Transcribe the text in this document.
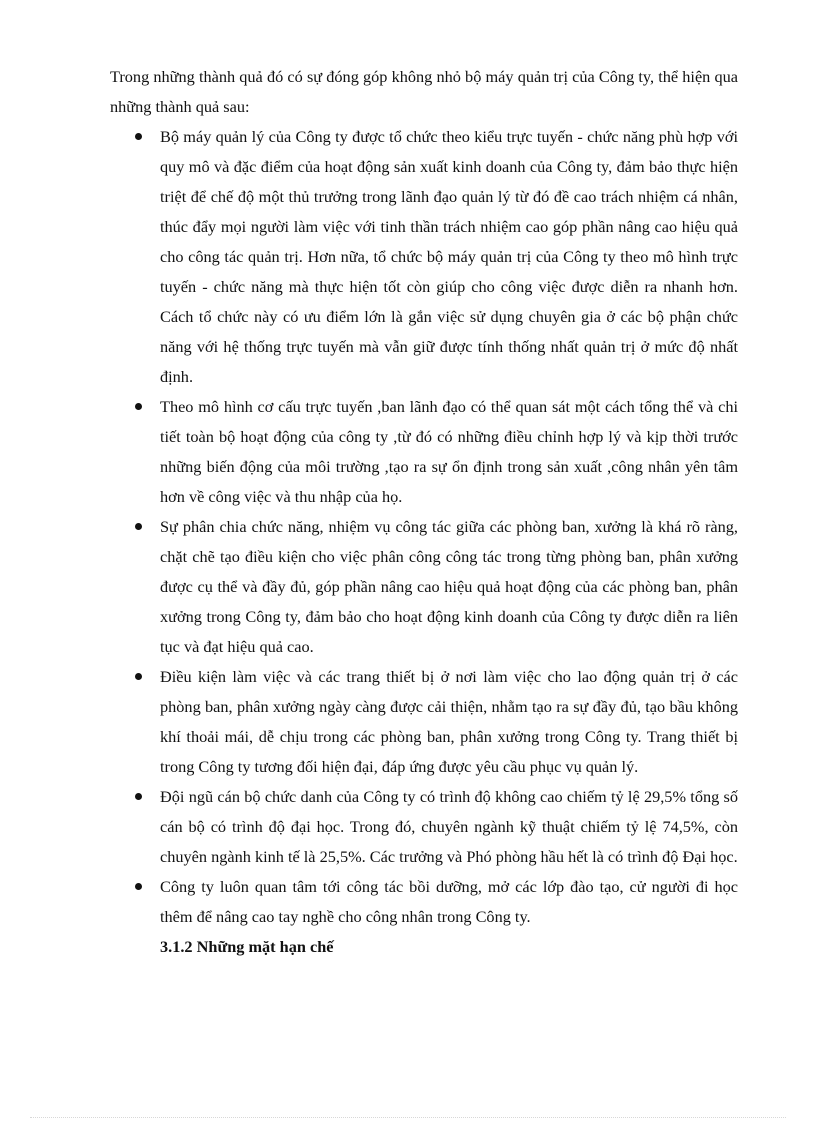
Trong những thành quả đó có sự đóng góp không nhỏ bộ máy quản trị của Công ty, thể hiện qua những thành quả sau:

Bộ máy quản lý của Công ty được tổ chức theo kiểu trực tuyến - chức năng phù hợp với quy mô và đặc điểm của hoạt động sản xuất kinh doanh của Công ty, đảm bảo thực hiện triệt để chế độ một thủ trưởng trong lãnh đạo quản lý từ đó đề cao trách nhiệm cá nhân, thúc đẩy mọi người làm việc với tinh thần trách nhiệm cao góp phần nâng cao hiệu quả cho công tác quản trị. Hơn nữa, tổ chức bộ máy quản trị của Công ty theo mô hình trực tuyến - chức năng mà thực hiện tốt còn giúp cho công việc được diễn ra nhanh hơn. Cách tổ chức này có ưu điểm lớn là gắn việc sử dụng chuyên gia ở các bộ phận chức năng với hệ thống trực tuyến mà vẫn giữ được tính thống nhất quản trị ở mức độ nhất định.
Theo mô hình cơ cấu trực tuyến ,ban lãnh đạo có thể quan sát một cách tổng thể và chi tiết toàn bộ hoạt động của công ty ,từ đó có những điều chỉnh hợp lý và kịp thời trước những biến động của môi trường ,tạo ra sự ổn định trong sản xuất ,công nhân yên tâm hơn về công việc và thu nhập của họ.
Sự phân chia chức năng, nhiệm vụ công tác giữa các phòng ban, xưởng là khá rõ ràng, chặt chẽ tạo điều kiện cho việc phân công công tác trong từng phòng ban, phân xưởng được cụ thể và đầy đủ, góp phần nâng cao hiệu quả hoạt động của các phòng ban, phân xưởng trong Công ty, đảm bảo cho hoạt động kinh doanh của Công ty được diễn ra liên tục và đạt hiệu quả cao.
Điều kiện làm việc và các trang thiết bị ở nơi làm việc cho lao động quản trị ở các phòng ban, phân xưởng ngày càng được cải thiện, nhằm tạo ra sự đầy đủ, tạo bầu không khí thoải mái, dễ chịu trong các phòng ban, phân xưởng trong Công ty. Trang thiết bị trong Công ty tương đối hiện đại, đáp ứng được yêu cầu phục vụ quản lý.
Đội ngũ cán bộ chức danh của Công ty có trình độ không cao chiếm tỷ lệ 29,5% tổng số cán bộ có trình độ đại học. Trong đó, chuyên ngành kỹ thuật chiếm tỷ lệ 74,5%, còn chuyên ngành kinh tế là 25,5%. Các trưởng và Phó phòng hầu hết là có trình độ Đại học.
Công ty luôn quan tâm tới công tác bồi dưỡng, mở các lớp đào tạo, cử người đi học thêm để nâng cao tay nghề cho công nhân trong Công ty.

3.1.2 Những mặt hạn chế
